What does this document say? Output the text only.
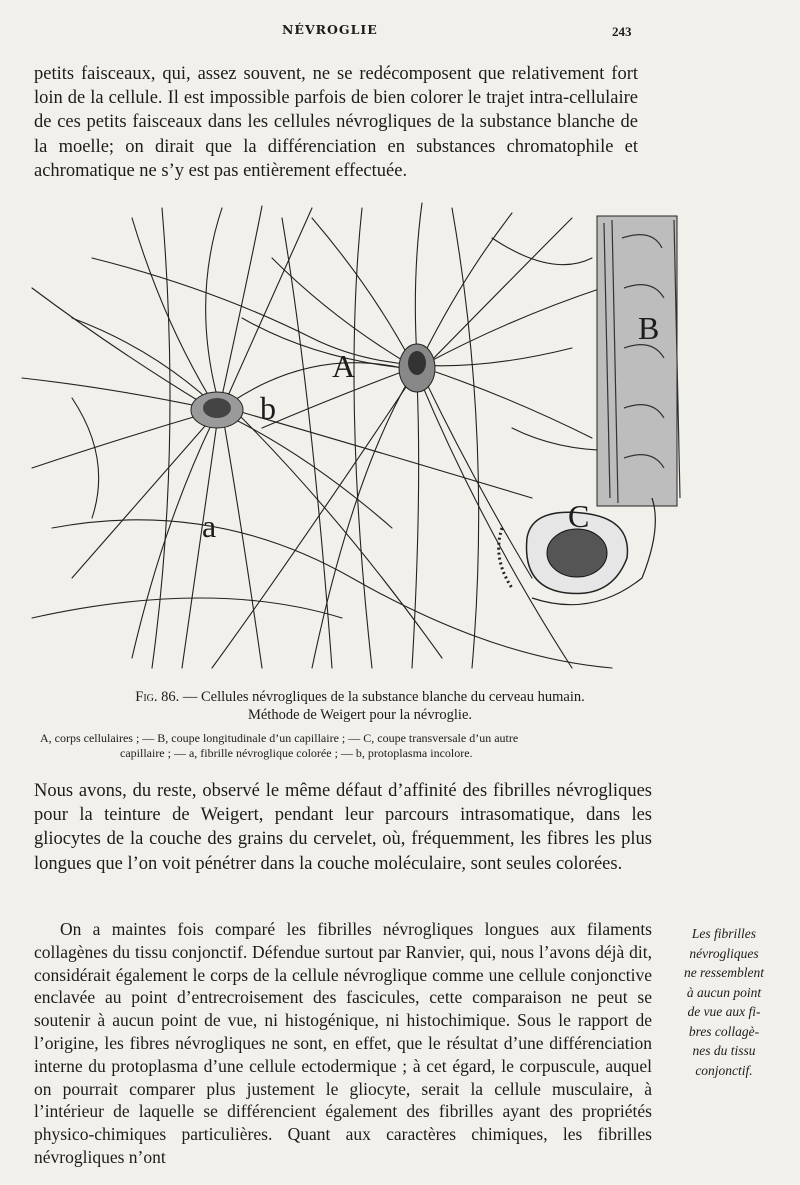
NÉVROGLIE	243

petits faisceaux, qui, assez souvent, ne se redécomposent que relativement fort loin de la cellule. Il est impossible parfois de bien colorer le trajet intra-cellulaire de ces petits faisceaux dans les cellules névrogliques de la substance blanche de la moelle; on dirait que la différenciation en substances chromatophile et achromatique ne s’y est pas entièrement effectuée.

A
B
C
a
b

Fig. 86. — Cellules névrogliques de la substance blanche du cerveau humain.
Méthode de Weigert pour la névroglie.

A, corps cellulaires ; — B, coupe longitudinale d’un capillaire ; — C, coupe transversale d’un autre
capillaire ; — a, fibrille névroglique colorée ; — b, protoplasma incolore.

Nous avons, du reste, observé le même défaut d’affinité des fibrilles névrogliques pour la teinture de Weigert, pendant leur parcours intrasomatique, dans les gliocytes de la couche des grains du cervelet, où, fréquemment, les fibres les plus longues que l’on voit pénétrer dans la couche moléculaire, sont seules colorées.

On a maintes fois comparé les fibrilles névrogliques longues aux filaments collagènes du tissu conjonctif. Défendue surtout par Ranvier, qui, nous l’avons déjà dit, considérait également le corps de la cellule névroglique comme une cellule conjonctive enclavée au point d’entrecroisement des fascicules, cette comparaison ne peut se soutenir à aucun point de vue, ni histogénique, ni histochimique. Sous le rapport de l’origine, les fibres névrogliques ne sont, en effet, que le résultat d’une différenciation interne du protoplasma d’une cellule ectodermique ; à cet égard, le corpuscule, auquel on pourrait comparer plus justement le gliocyte, serait la cellule musculaire, à l’intérieur de laquelle se différencient également des fibrilles ayant des propriétés physico-chimiques particulières. Quant aux caractères chimiques, les fibrilles névrogliques n’ont

Les fibrilles
névrogliques
ne ressemblent
à aucun point
de vue aux fi-
bres collagè-
nes du tissu
conjonctif.
